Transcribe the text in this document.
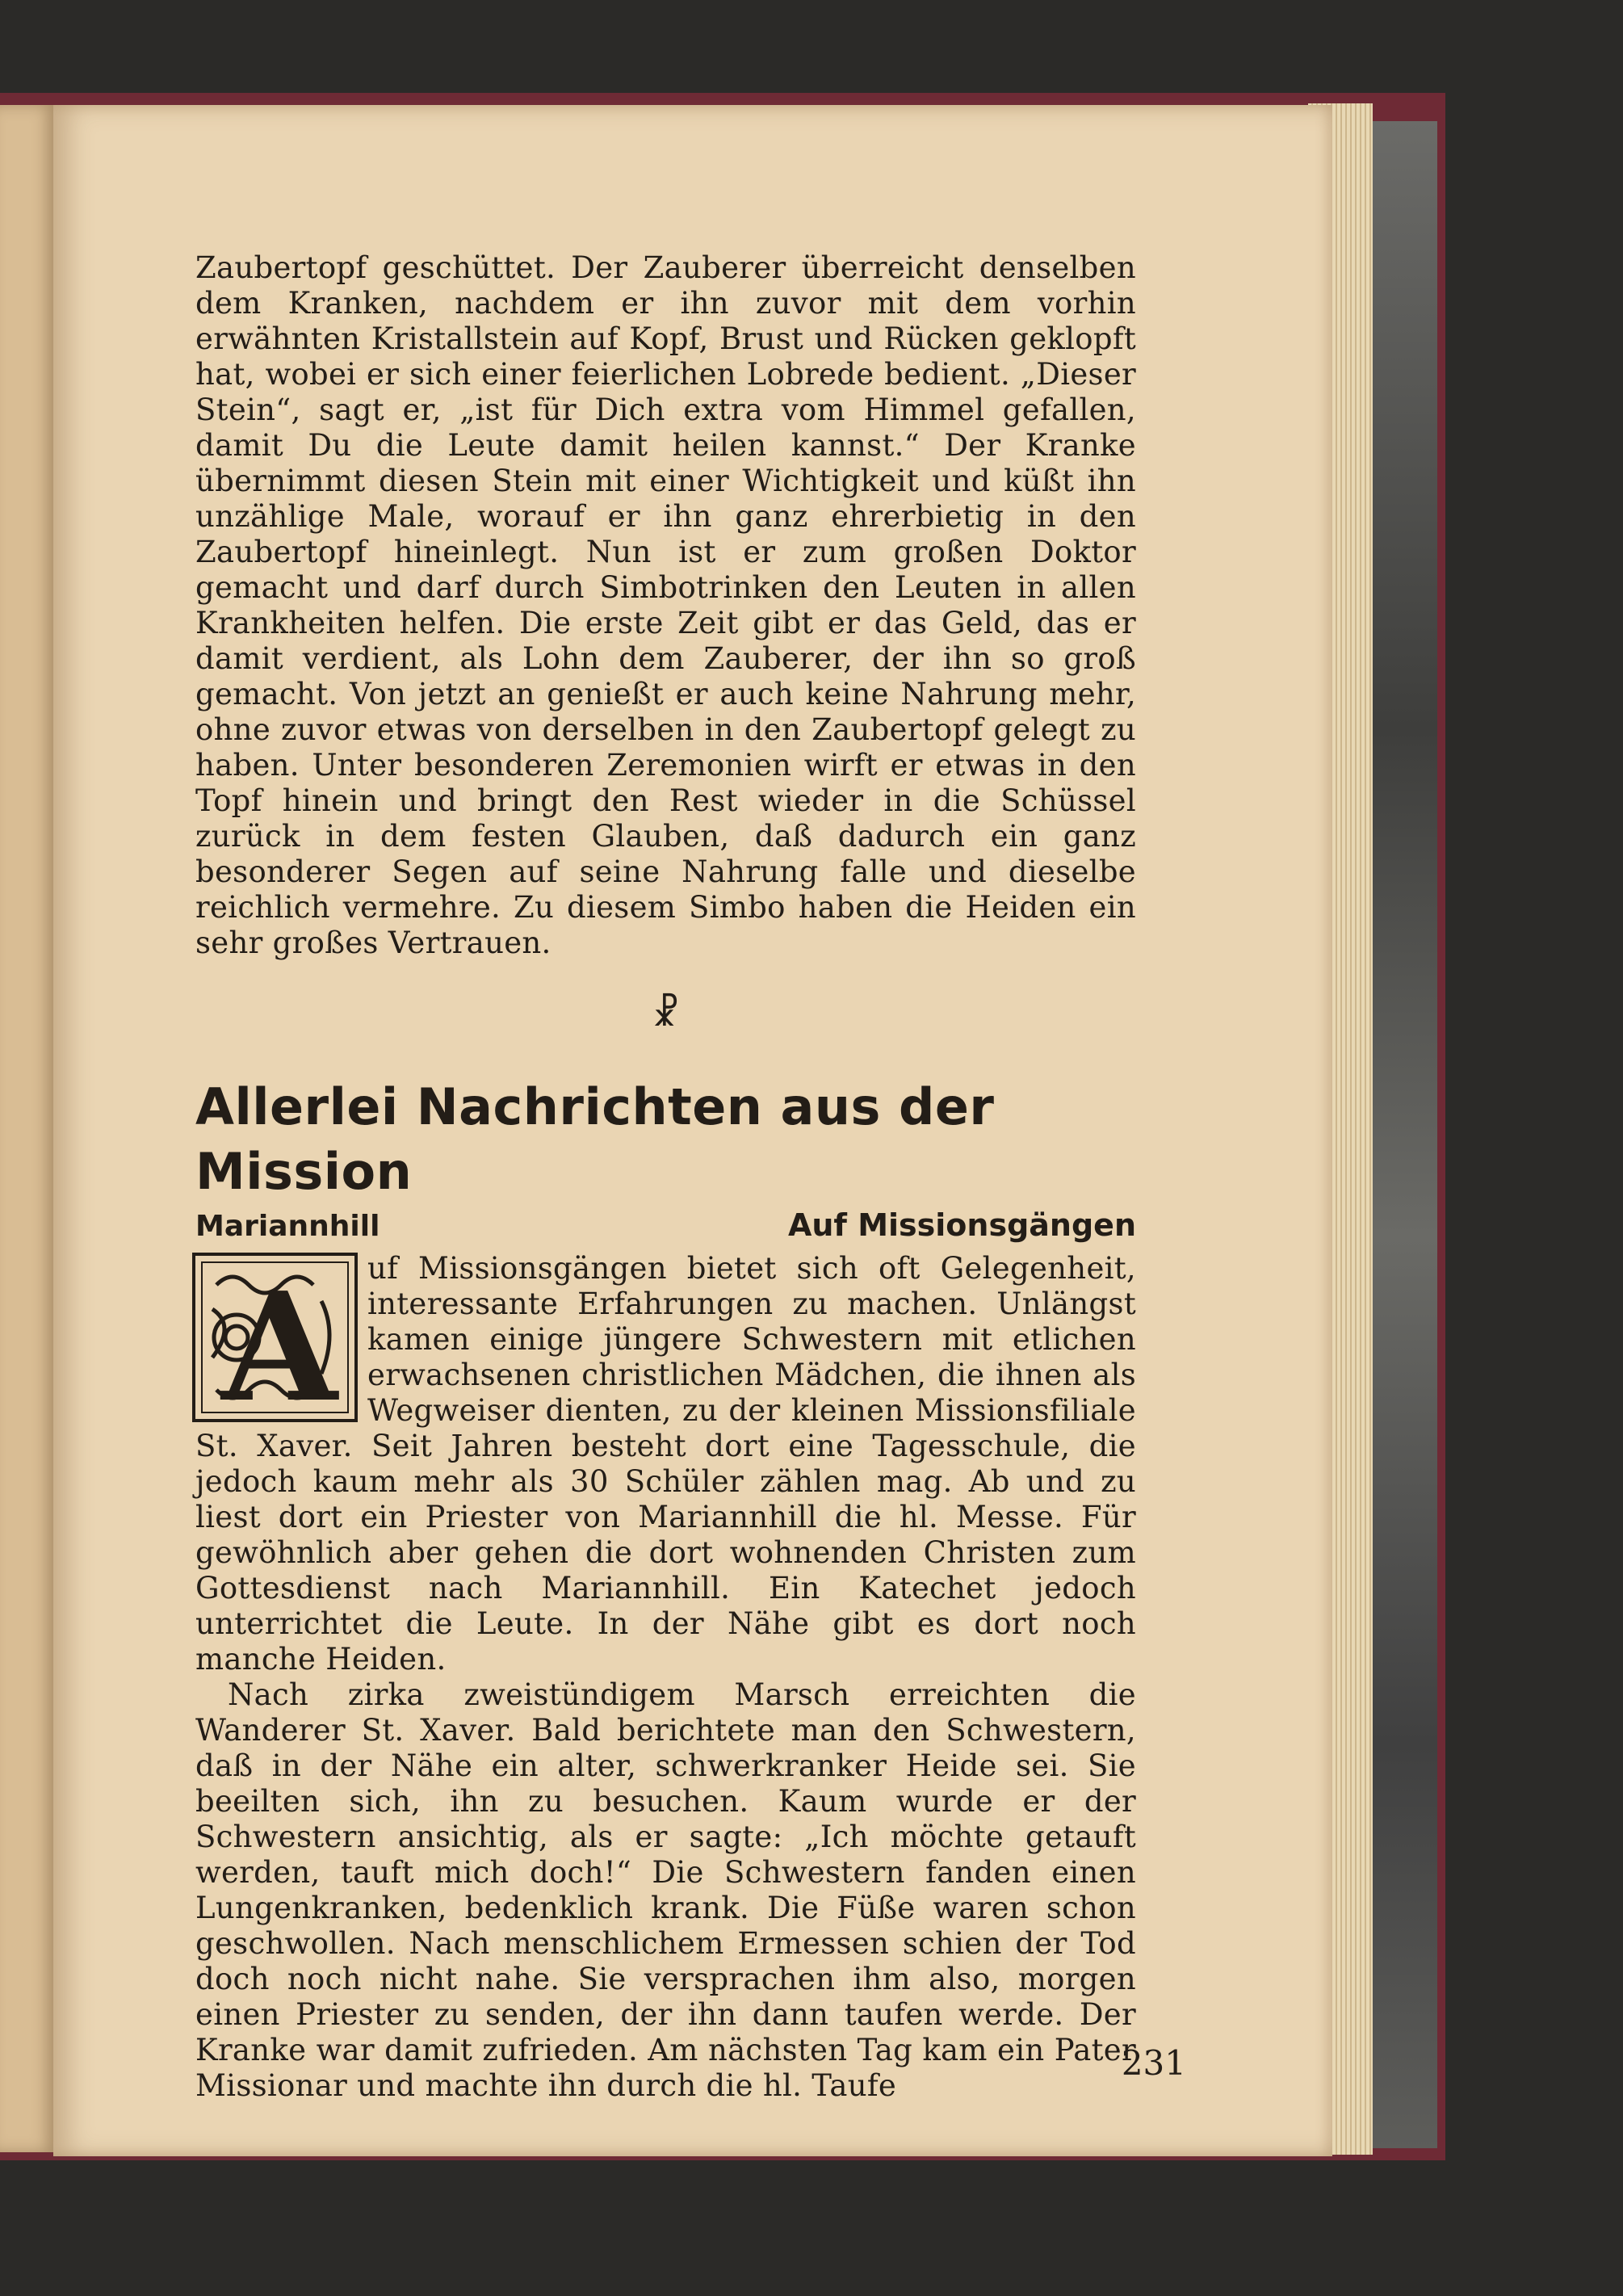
Zaubertopf geschüttet. Der Zauberer überreicht denselben dem Kranken, nachdem er ihn zuvor mit dem vorhin erwähnten Kristallstein auf Kopf, Brust und Rücken geklopft hat, wobei er sich einer feierlichen Lobrede bedient. „Dieser Stein“, sagt er, „ist für Dich extra vom Himmel gefallen, damit Du die Leute damit heilen kannst.“ Der Kranke übernimmt diesen Stein mit einer Wichtigkeit und küßt ihn unzählige Male, worauf er ihn ganz ehrerbietig in den Zaubertopf hineinlegt. Nun ist er zum großen Doktor gemacht und darf durch Simbotrinken den Leuten in allen Krankheiten helfen. Die erste Zeit gibt er das Geld, das er damit verdient, als Lohn dem Zauberer, der ihn so groß gemacht. Von jetzt an genießt er auch keine Nahrung mehr, ohne zuvor etwas von derselben in den Zaubertopf gelegt zu haben. Unter besonderen Zeremonien wirft er etwas in den Topf hinein und bringt den Rest wieder in die Schüssel zurück in dem festen Glauben, daß dadurch ein ganz besonderer Segen auf seine Nahrung falle und dieselbe reichlich vermehre. Zu diesem Simbo haben die Heiden ein sehr großes Vertrauen.

☧
Allerlei Nachrichten aus der Mission
Mariannhill	Auf Missionsgängen
A	uf Missionsgängen bietet sich oft Gelegenheit, interessante Erfahrungen zu machen. Unlängst kamen einige jüngere Schwestern mit etlichen erwachsenen christlichen Mädchen, die ihnen als Wegweiser dienten, zu der kleinen Missionsfiliale St. Xaver. Seit Jahren besteht dort eine Tagesschule, die jedoch kaum mehr als 30 Schüler zählen mag. Ab und zu liest dort ein Priester von Mariannhill die hl. Messe. Für gewöhnlich aber gehen die dort wohnenden Christen zum Gottesdienst nach Mariannhill. Ein Katechet jedoch unterrichtet die Leute. In der Nähe gibt es dort noch manche Heiden.

Nach zirka zweistündigem Marsch erreichten die Wanderer St. Xaver. Bald berichtete man den Schwestern, daß in der Nähe ein alter, schwerkranker Heide sei. Sie beeilten sich, ihn zu besuchen. Kaum wurde er der Schwestern ansichtig, als er sagte: „Ich möchte getauft werden, tauft mich doch!“ Die Schwestern fanden einen Lungenkranken, bedenklich krank. Die Füße waren schon geschwollen. Nach menschlichem Ermessen schien der Tod doch noch nicht nahe. Sie versprachen ihm also, morgen einen Priester zu senden, der ihn dann taufen werde. Der Kranke war damit zufrieden. Am nächsten Tag kam ein Pater Missionar und machte ihn durch die hl. Taufe

231
